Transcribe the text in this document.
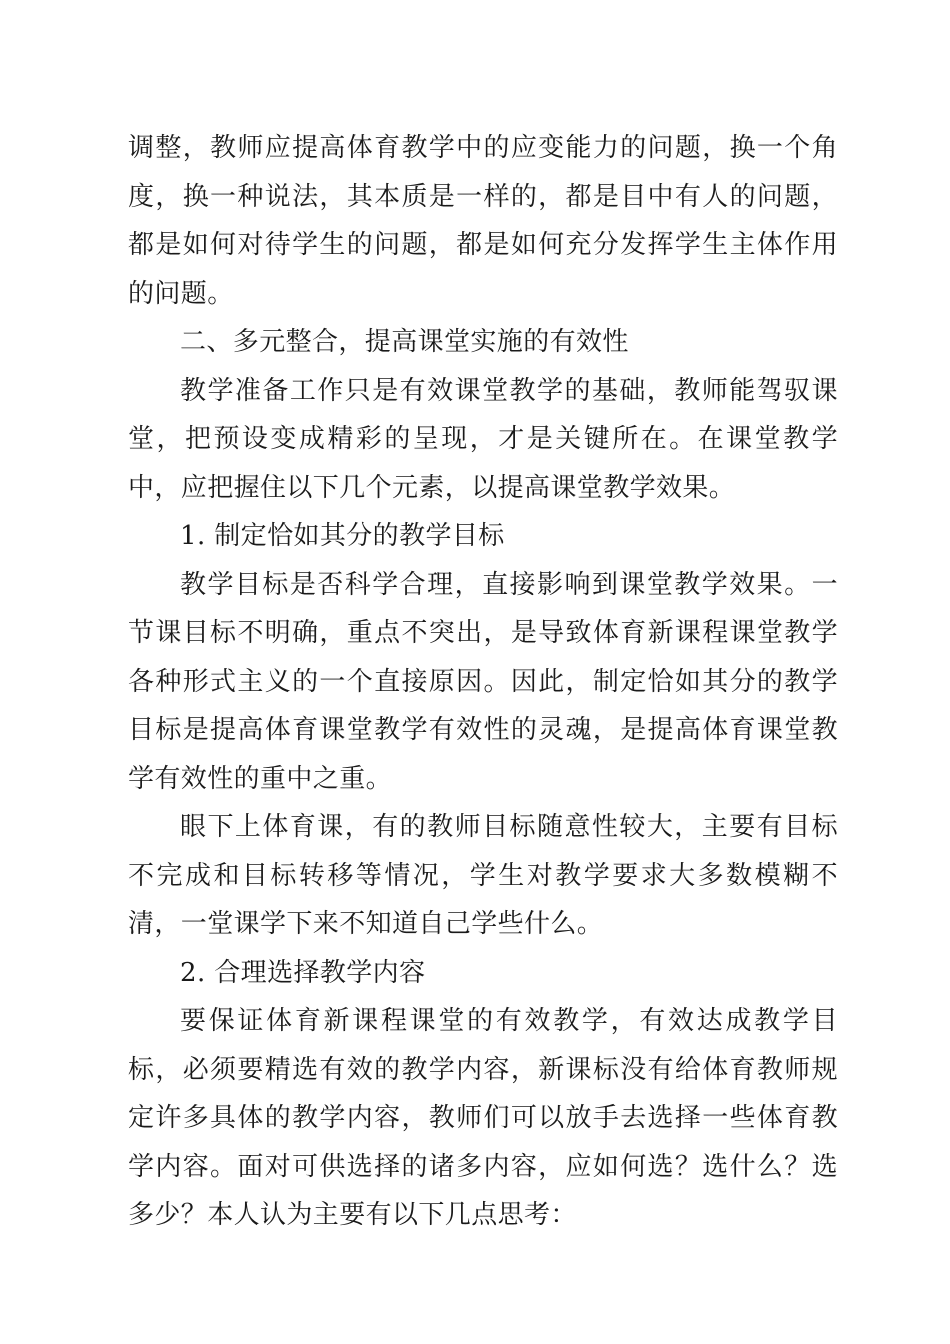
调整，教师应提高体育教学中的应变能力的问题，换一个角度，换一种说法，其本质是一样的，都是目中有人的问题，都是如何对待学生的问题，都是如何充分发挥学生主体作用的问题。

二、多元整合，提高课堂实施的有效性

教学准备工作只是有效课堂教学的基础，教师能驾驭课堂，把预设变成精彩的呈现，才是关键所在。在课堂教学中，应把握住以下几个元素，以提高课堂教学效果。

1. 制定恰如其分的教学目标

教学目标是否科学合理，直接影响到课堂教学效果。一节课目标不明确，重点不突出，是导致体育新课程课堂教学各种形式主义的一个直接原因。因此，制定恰如其分的教学目标是提高体育课堂教学有效性的灵魂，是提高体育课堂教学有效性的重中之重。

眼下上体育课，有的教师目标随意性较大，主要有目标不完成和目标转移等情况，学生对教学要求大多数模糊不清，一堂课学下来不知道自己学些什么。

2. 合理选择教学内容

要保证体育新课程课堂的有效教学，有效达成教学目标，必须要精选有效的教学内容，新课标没有给体育教师规定许多具体的教学内容，教师们可以放手去选择一些体育教学内容。面对可供选择的诸多内容，应如何选？选什么？选多少？本人认为主要有以下几点思考：
